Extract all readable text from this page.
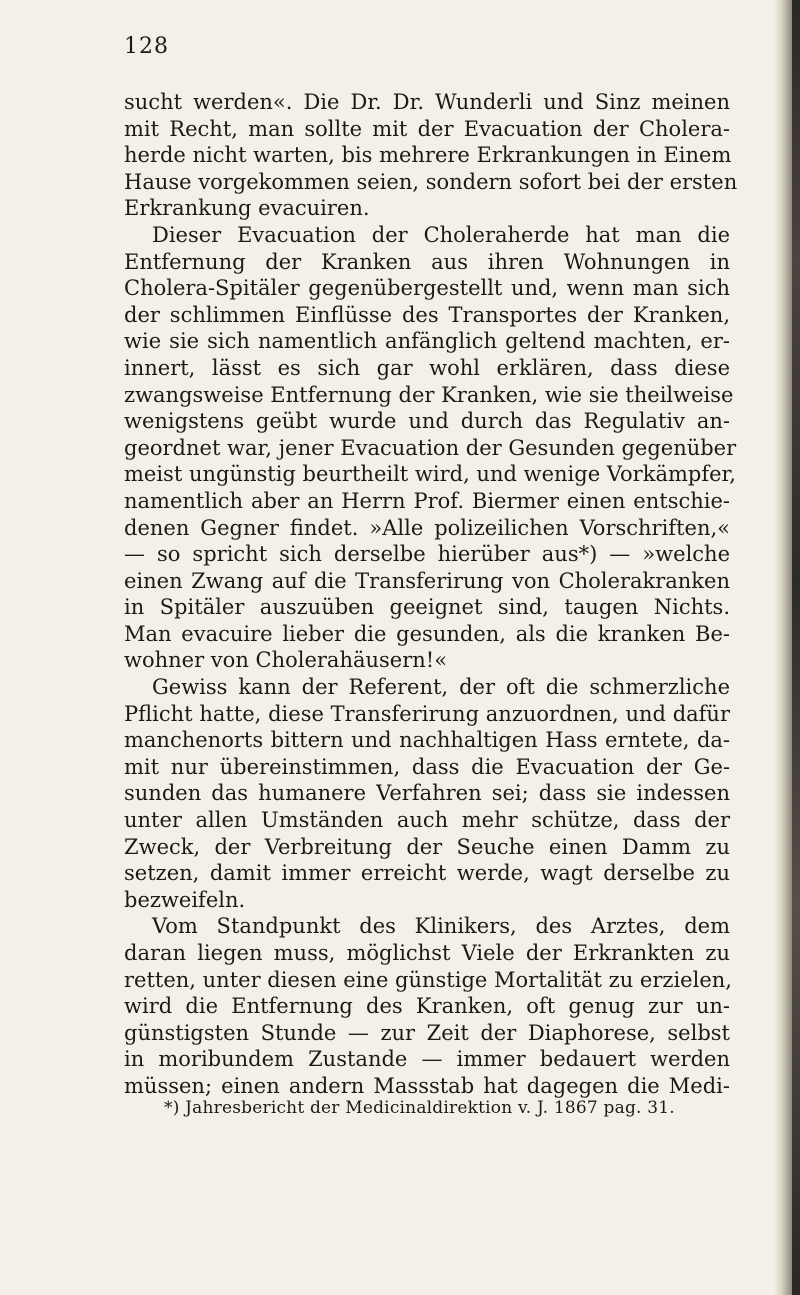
128
sucht werden«. Die Dr. Dr. Wunderli und Sinz meinen
mit Recht, man sollte mit der Evacuation der Cholera-
herde nicht warten, bis mehrere Erkrankungen in Einem
Hause vorgekommen seien, sondern sofort bei der ersten
Erkrankung evacuiren.
Dieser Evacuation der Choleraherde hat man die
Entfernung der Kranken aus ihren Wohnungen in
Cholera-Spitäler gegenübergestellt und, wenn man sich
der schlimmen Einflüsse des Transportes der Kranken,
wie sie sich namentlich anfänglich geltend machten, er-
innert, lässt es sich gar wohl erklären, dass diese
zwangsweise Entfernung der Kranken, wie sie theilweise
wenigstens geübt wurde und durch das Regulativ an-
geordnet war, jener Evacuation der Gesunden gegenüber
meist ungünstig beurtheilt wird, und wenige Vorkämpfer,
namentlich aber an Herrn Prof. Biermer einen entschie-
denen Gegner findet. »Alle polizeilichen Vorschriften,«
— so spricht sich derselbe hierüber aus*) — »welche
einen Zwang auf die Transferirung von Cholerakranken
in Spitäler auszuüben geeignet sind, taugen Nichts.
Man evacuire lieber die gesunden, als die kranken Be-
wohner von Cholerahäusern!«
Gewiss kann der Referent, der oft die schmerzliche
Pflicht hatte, diese Transferirung anzuordnen, und dafür
manchenorts bittern und nachhaltigen Hass erntete, da-
mit nur übereinstimmen, dass die Evacuation der Ge-
sunden das humanere Verfahren sei; dass sie indessen
unter allen Umständen auch mehr schütze, dass der
Zweck, der Verbreitung der Seuche einen Damm zu
setzen, damit immer erreicht werde, wagt derselbe zu
bezweifeln.
Vom Standpunkt des Klinikers, des Arztes, dem
daran liegen muss, möglichst Viele der Erkrankten zu
retten, unter diesen eine günstige Mortalität zu erzielen,
wird die Entfernung des Kranken, oft genug zur un-
günstigsten Stunde — zur Zeit der Diaphorese, selbst
in moribundem Zustande — immer bedauert werden
müssen; einen andern Massstab hat dagegen die Medi-
*) Jahresbericht der Medicinaldirektion v. J. 1867 pag. 31.
